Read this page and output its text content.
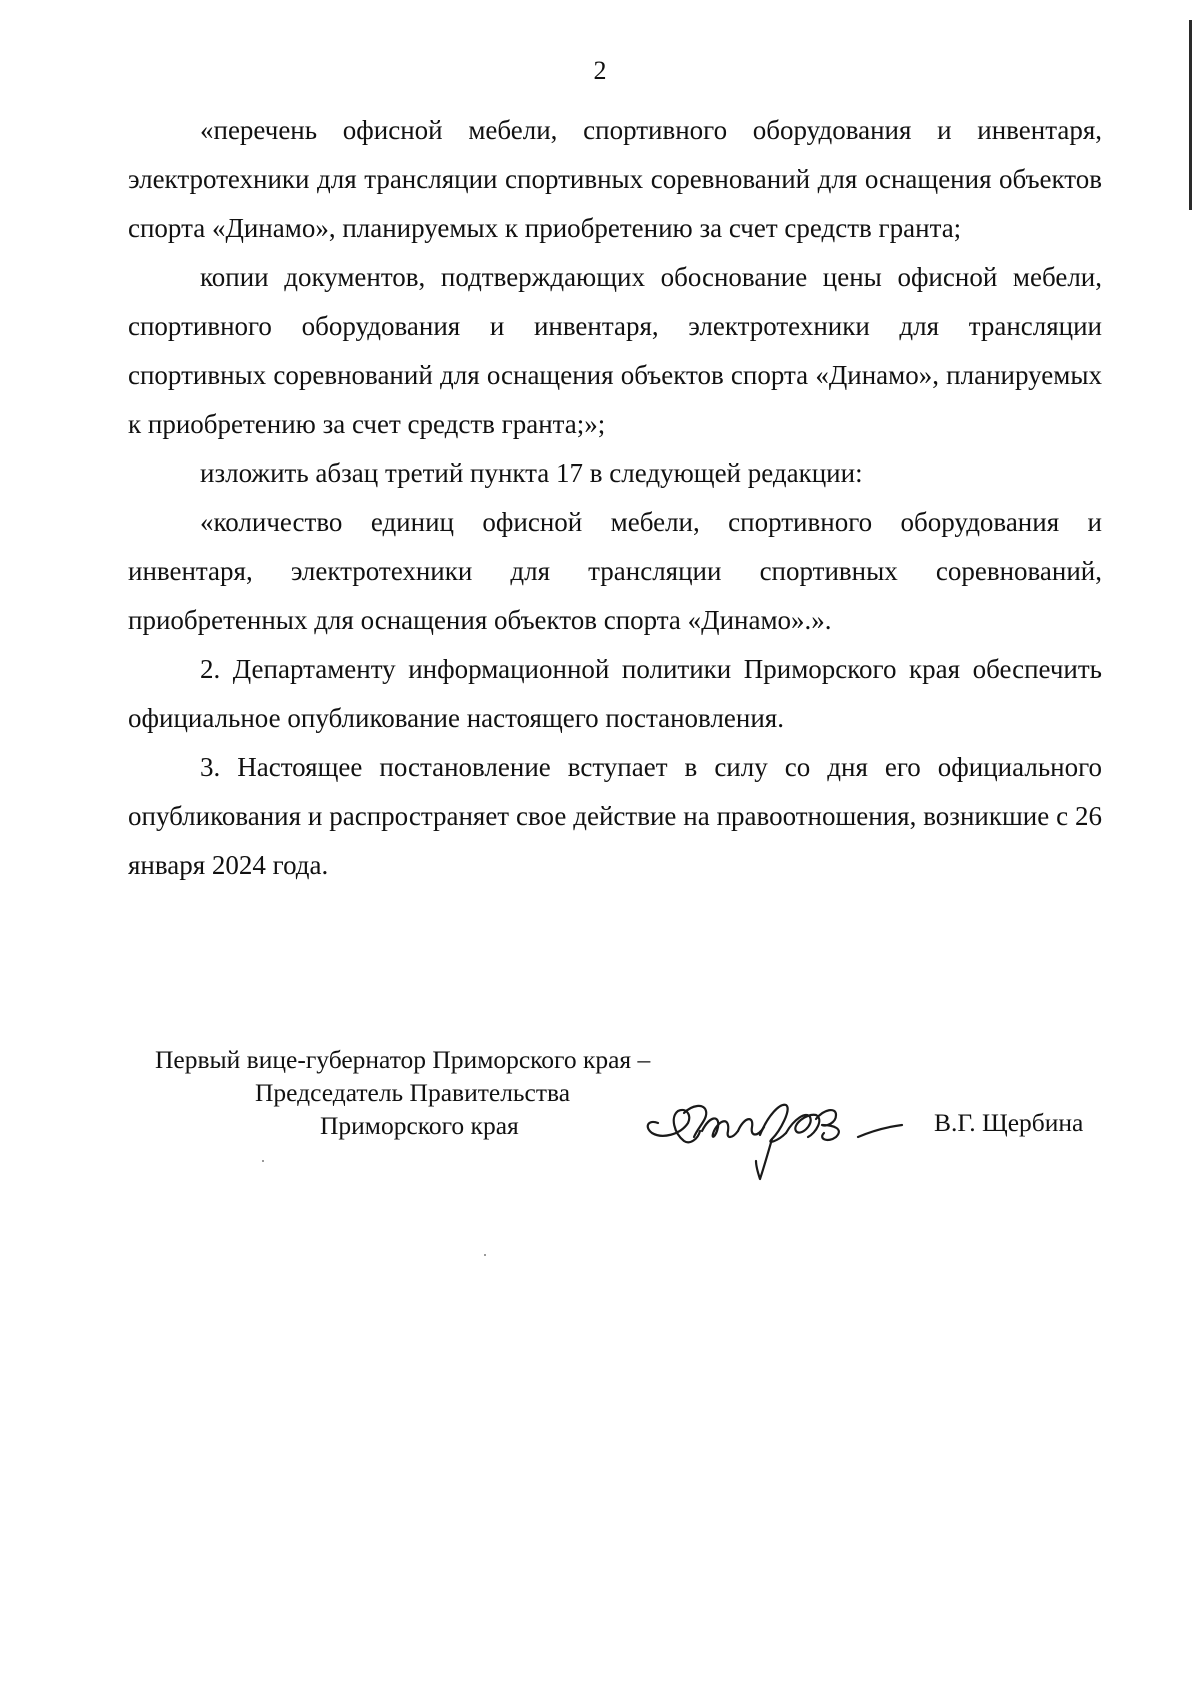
2

«перечень офисной мебели, спортивного оборудования и инвентаря, электротехники для трансляции спортивных соревнований для оснащения объектов спорта «Динамо», планируемых к приобретению за счет средств гранта;

копии документов, подтверждающих обоснование цены офисной мебели, спортивного оборудования и инвентаря, электротехники для трансляции спортивных соревнований для оснащения объектов спорта «Динамо», планируемых к приобретению за счет средств гранта;»;

изложить абзац третий пункта 17 в следующей редакции:

«количество единиц офисной мебели, спортивного оборудования и инвентаря, электротехники для трансляции спортивных соревнований, приобретенных для оснащения объектов спорта «Динамо».».

2. Департаменту информационной политики Приморского края обеспечить официальное опубликование настоящего постановления.

3. Настоящее постановление вступает в силу со дня его официального опубликования и распространяет свое действие на правоотношения, возникшие с 26 января 2024 года.

Первый вице-губернатор Приморского края –
Председатель Правительства
Приморского края	В.Г. Щербина
